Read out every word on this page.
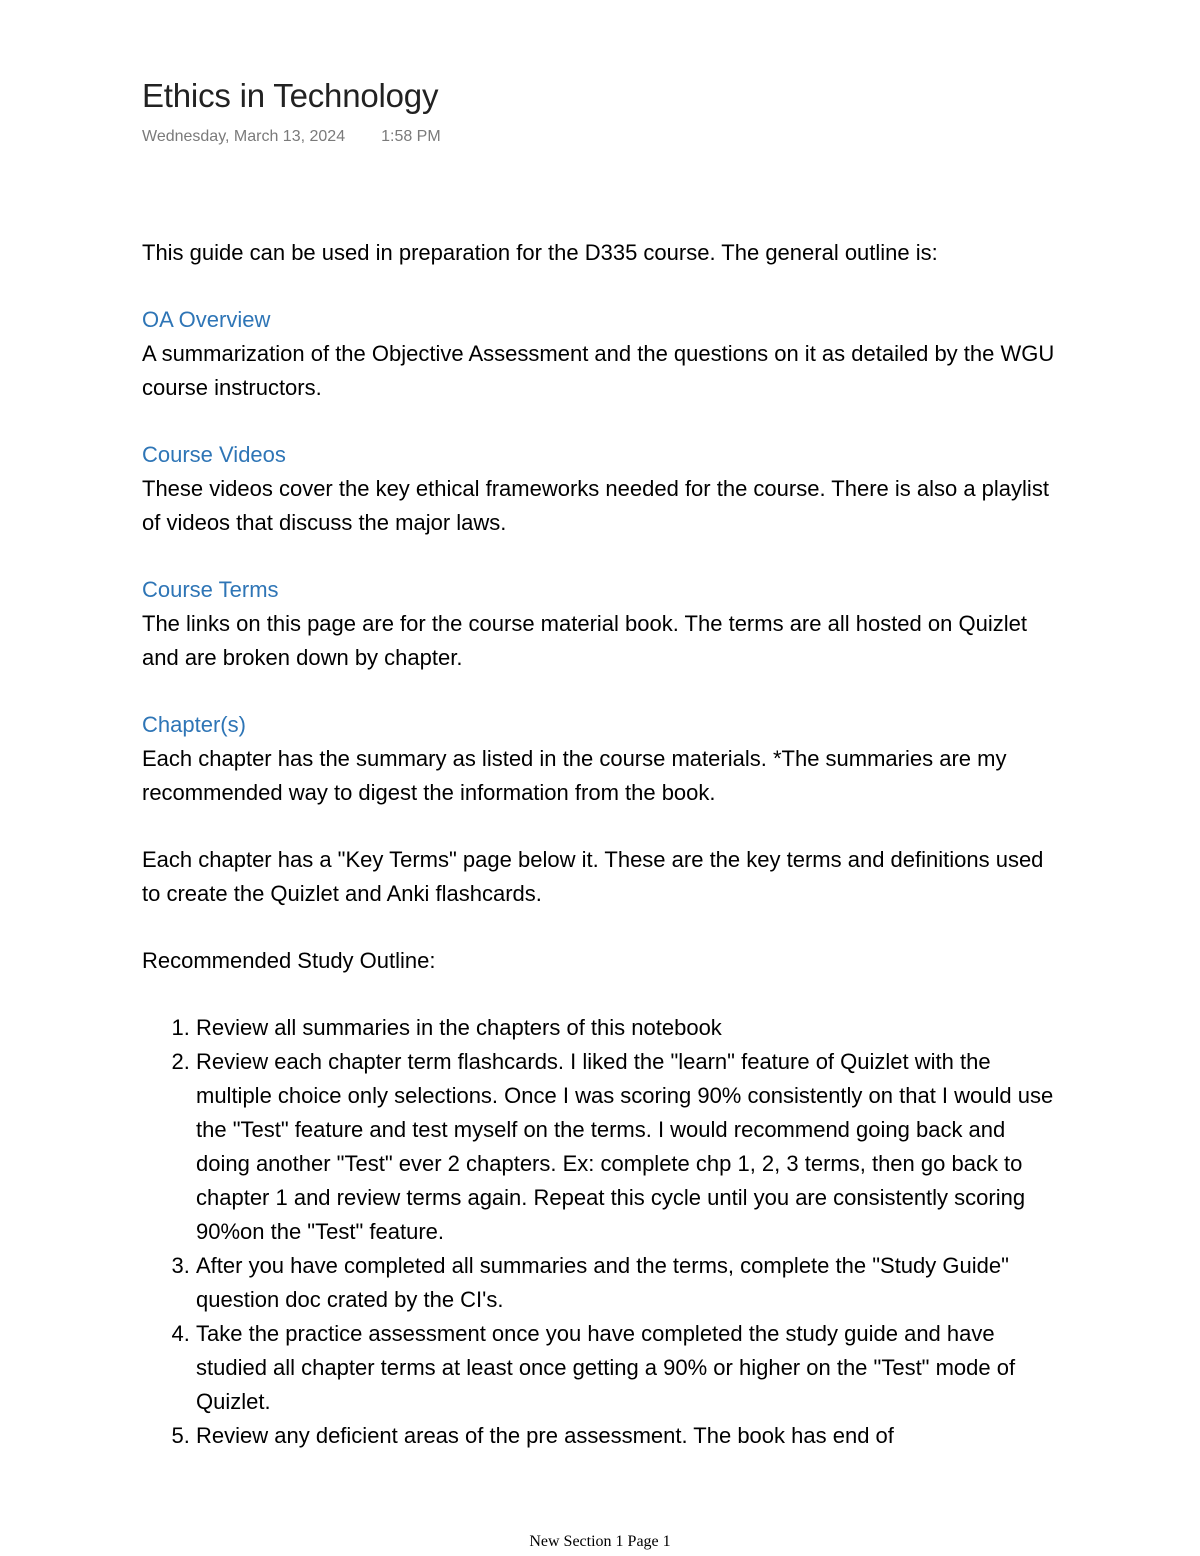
Ethics in Technology
Wednesday, March 13, 2024 1:58 PM

This guide can be used in preparation for the D335 course. The general outline is:

OA Overview

A summarization of the Objective Assessment and the questions on it as detailed by the WGU course instructors.

Course Videos

These videos cover the key ethical frameworks needed for the course. There is also a playlist of videos that discuss the major laws.

Course Terms

The links on this page are for the course material book. The terms are all hosted on Quizlet and are broken down by chapter.

Chapter(s)

Each chapter has the summary as listed in the course materials. *The summaries are my recommended way to digest the information from the book.

Each chapter has a "Key Terms" page below it. These are the key terms and definitions used to create the Quizlet and Anki flashcards.

Recommended Study Outline:

1. Review all summaries in the chapters of this notebook
2. Review each chapter term flashcards. I liked the "learn" feature of Quizlet with the multiple choice only selections. Once I was scoring 90% consistently on that I would use the "Test" feature and test myself on the terms. I would recommend going back and doing another "Test" ever 2 chapters. Ex: complete chp 1, 2, 3 terms, then go back to chapter 1 and review terms again. Repeat this cycle until you are consistently scoring 90%on the "Test" feature.
3. After you have completed all summaries and the terms, complete the "Study Guide" question doc crated by the CI's.
4. Take the practice assessment once you have completed the study guide and have studied all chapter terms at least once getting a 90% or higher on the "Test" mode of Quizlet.
5. Review any deficient areas of the pre assessment. The book has end of
New Section 1 Page 1
